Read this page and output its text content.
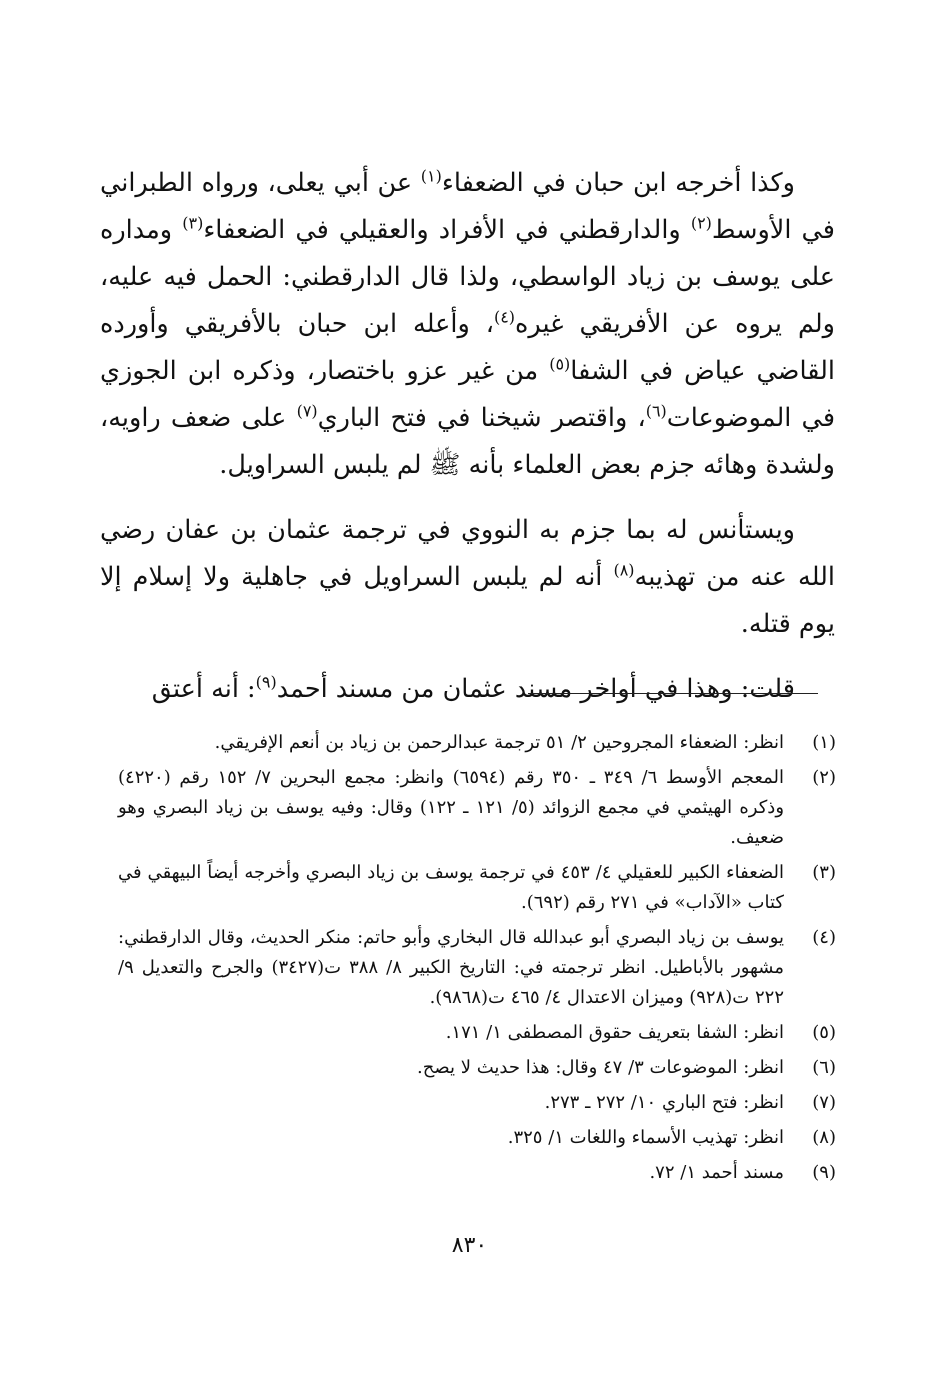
وكذا أخرجه ابن حبان في الضعفاء$^{(١)}$ عن أبي يعلى، ورواه الطبراني في الأوسط$^{(٢)}$ والدارقطني في الأفراد والعقيلي في الضعفاء$^{(٣)}$ ومداره على يوسف بن زياد الواسطي، ولذا قال الدارقطني: الحمل فيه عليه، ولم يروه عن الأفريقي غيره$^{(٤)}$، وأعله ابن حبان بالأفريقي وأورده القاضي عياض في الشفا$^{(٥)}$ من غير عزو باختصار، وذكره ابن الجوزي في الموضوعات$^{(٦)}$، واقتصر شيخنا في فتح الباري$^{(٧)}$ على ضعف راويه، ولشدة وهائه جزم بعض العلماء بأنه ﷺ لم يلبس السراويل.

ويستأنس له بما جزم به النووي في ترجمة عثمان بن عفان رضي الله عنه من تهذيبه$^{(٨)}$ أنه لم يلبس السراويل في جاهلية ولا إسلام إلا يوم قتله.

قلت: وهذا في أواخر مسند عثمان من مسند أحمد$^{(٩)}$: أنه أعتق

(١)
انظر: الضعفاء المجروحين ٢/ ٥١ ترجمة عبدالرحمن بن زياد بن أنعم الإفريقي.
(٢)
المعجم الأوسط ٦/ ٣٤٩ ـ ٣٥٠ رقم (٦٥٩٤) وانظر: مجمع البحرين ٧/ ١٥٢ رقم (٤٢٢٠) وذكره الهيثمي في مجمع الزوائد (٥/ ١٢١ ـ ١٢٢) وقال: وفيه يوسف بن زياد البصري وهو ضعيف.
(٣)
الضعفاء الكبير للعقيلي ٤/ ٤٥٣ في ترجمة يوسف بن زياد البصري وأخرجه أيضاً البيهقي في كتاب «الآداب» في ٢٧١ رقم (٦٩٢).
(٤)
يوسف بن زياد البصري أبو عبدالله قال البخاري وأبو حاتم: منكر الحديث، وقال الدارقطني: مشهور بالأباطيل. انظر ترجمته في: التاريخ الكبير ٨/ ٣٨٨ ت(٣٤٢٧) والجرح والتعديل ٩/ ٢٢٢ ت(٩٢٨) وميزان الاعتدال ٤/ ٤٦٥ ت(٩٨٦٨).
(٥)
انظر: الشفا بتعريف حقوق المصطفى ١/ ١٧١.
(٦)
انظر: الموضوعات ٣/ ٤٧ وقال: هذا حديث لا يصح.
(٧)
انظر: فتح الباري ١٠/ ٢٧٢ ـ ٢٧٣.
(٨)
انظر: تهذيب الأسماء واللغات ١/ ٣٢٥.
(٩)
مسند أحمد ١/ ٧٢.
٨٣٠
